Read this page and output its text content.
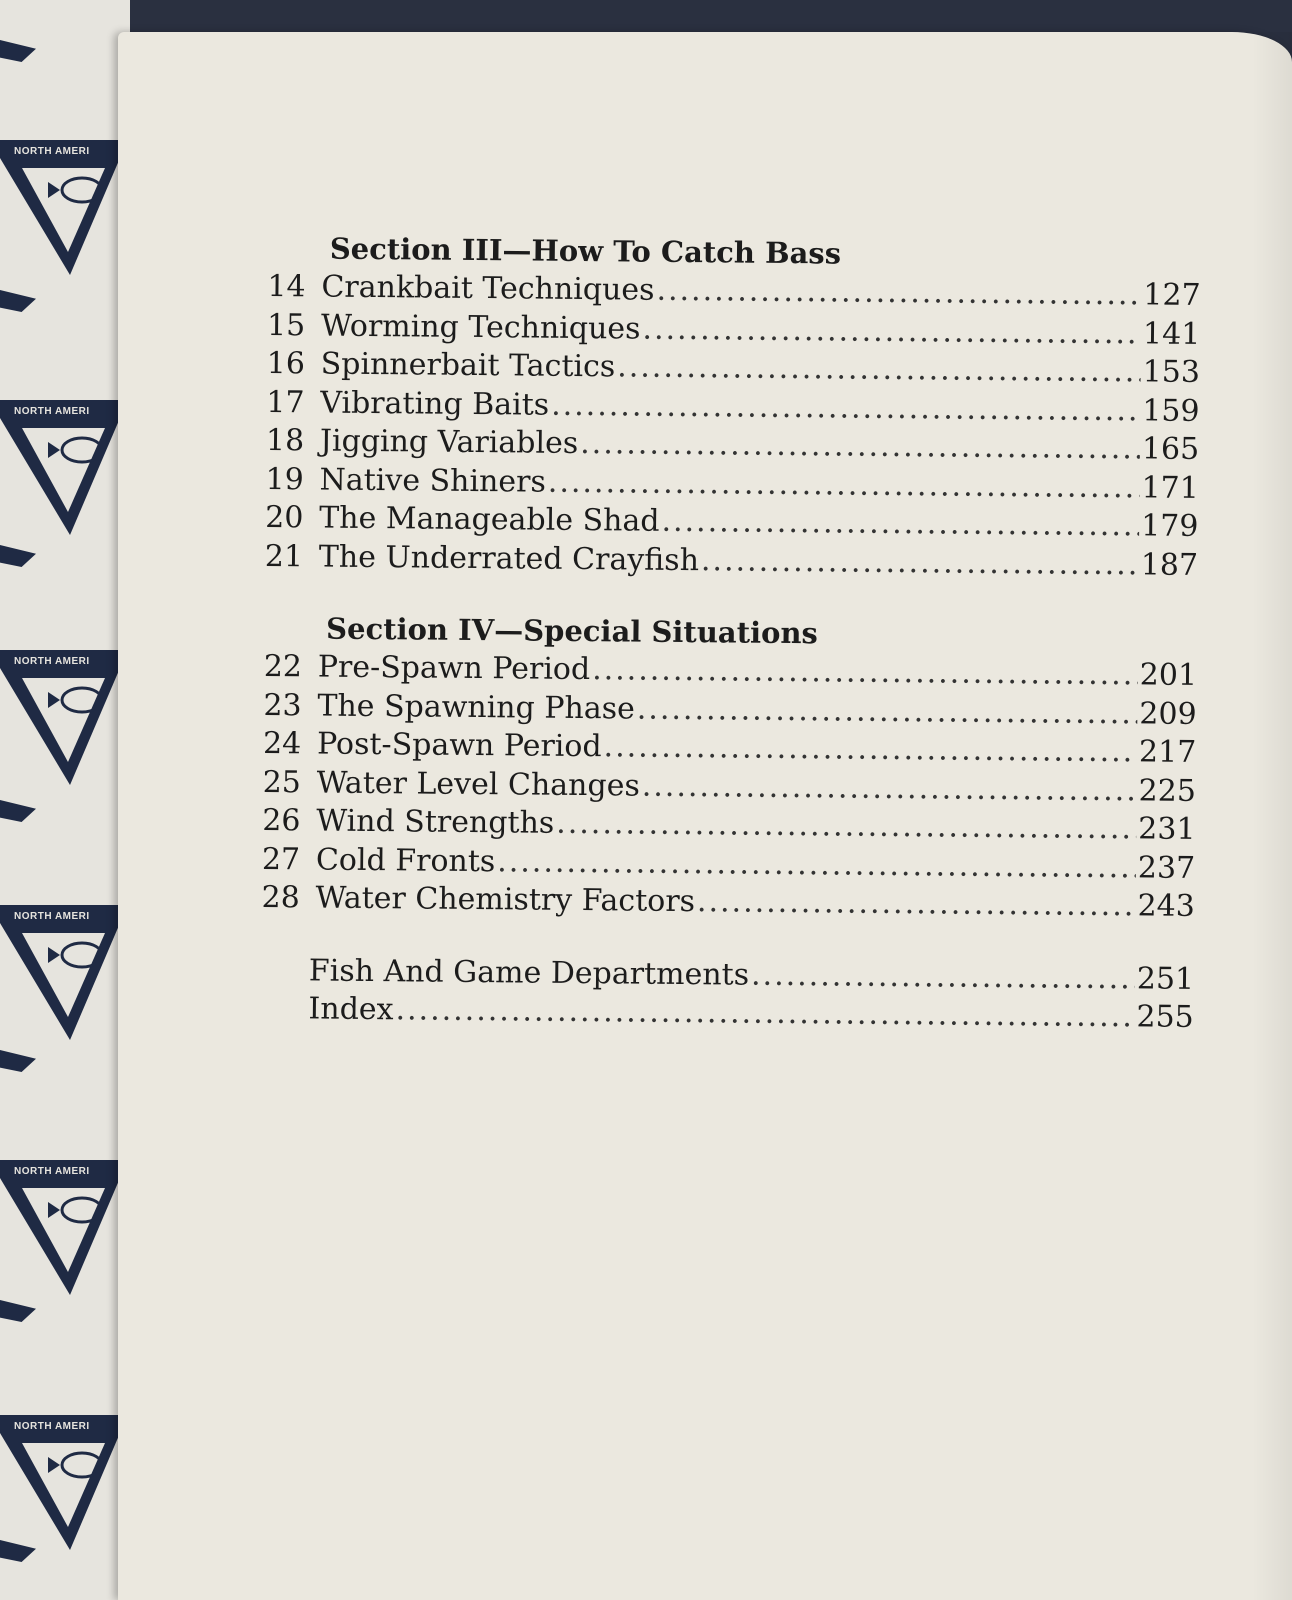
NORTH AMERI
NORTH AMERI
NORTH AMERI
NORTH AMERI
NORTH AMERI
NORTH AMERI
Section III—How To Catch Bass
14 Crankbait Techniques .....	127
15 Worming Techniques .....	141
16 Spinnerbait Tactics .....	153
17 Vibrating Baits .....	159
18 Jigging Variables .....	165
19 Native Shiners .....	171
20 The Manageable Shad .....	179
21 The Underrated Crayfish .....	187
Section IV—Special Situations
22 Pre-Spawn Period .....	201
23 The Spawning Phase .....	209
24 Post-Spawn Period .....	217
25 Water Level Changes .....	225
26 Wind Strengths .....	231
27 Cold Fronts .....	237
28 Water Chemistry Factors .....	243
Fish And Game Departments .....	251
Index .....	255
